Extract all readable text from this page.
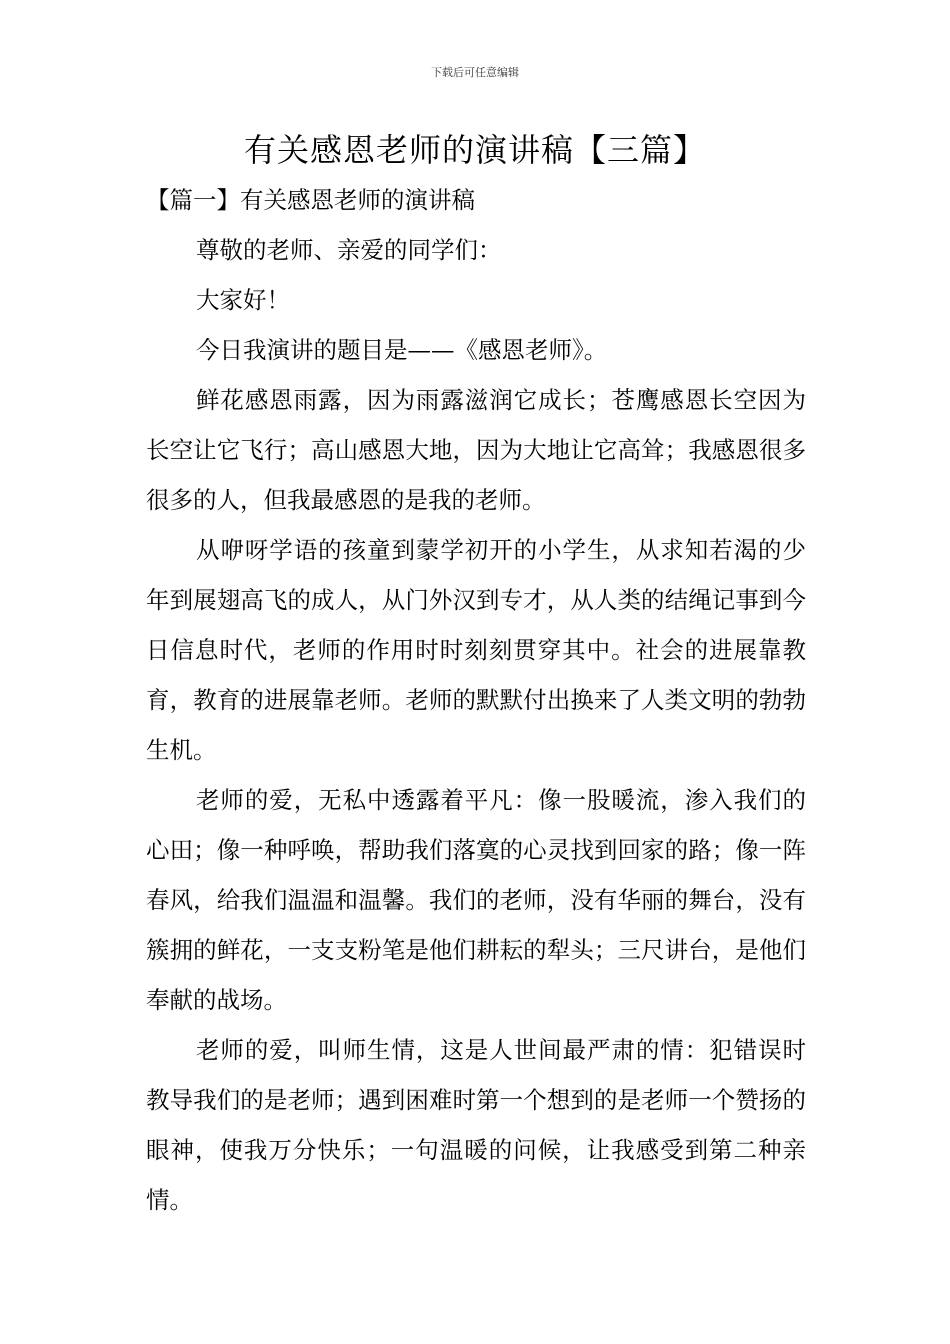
下载后可任意编辑
有关感恩老师的演讲稿【三篇】

【篇一】有关感恩老师的演讲稿

尊敬的老师、亲爱的同学们：

大家好！

今日我演讲的题目是——《感恩老师》。

鲜花感恩雨露，因为雨露滋润它成长；苍鹰感恩长空因为长空让它飞行；高山感恩大地，因为大地让它高耸；我感恩很多很多的人，但我最感恩的是我的老师。

从咿呀学语的孩童到蒙学初开的小学生，从求知若渴的少年到展翅高飞的成人，从门外汉到专才，从人类的结绳记事到今日信息时代，老师的作用时时刻刻贯穿其中。社会的进展靠教育，教育的进展靠老师。老师的默默付出换来了人类文明的勃勃生机。

老师的爱，无私中透露着平凡：像一股暖流，渗入我们的心田；像一种呼唤，帮助我们落寞的心灵找到回家的路；像一阵春风，给我们温温和温馨。我们的老师，没有华丽的舞台，没有簇拥的鲜花，一支支粉笔是他们耕耘的犁头；三尺讲台，是他们奉献的战场。

老师的爱，叫师生情，这是人世间最严肃的情：犯错误时教导我们的是老师；遇到困难时第一个想到的是老师一个赞扬的眼神，使我万分快乐；一句温暖的问候，让我感受到第二种亲情。
